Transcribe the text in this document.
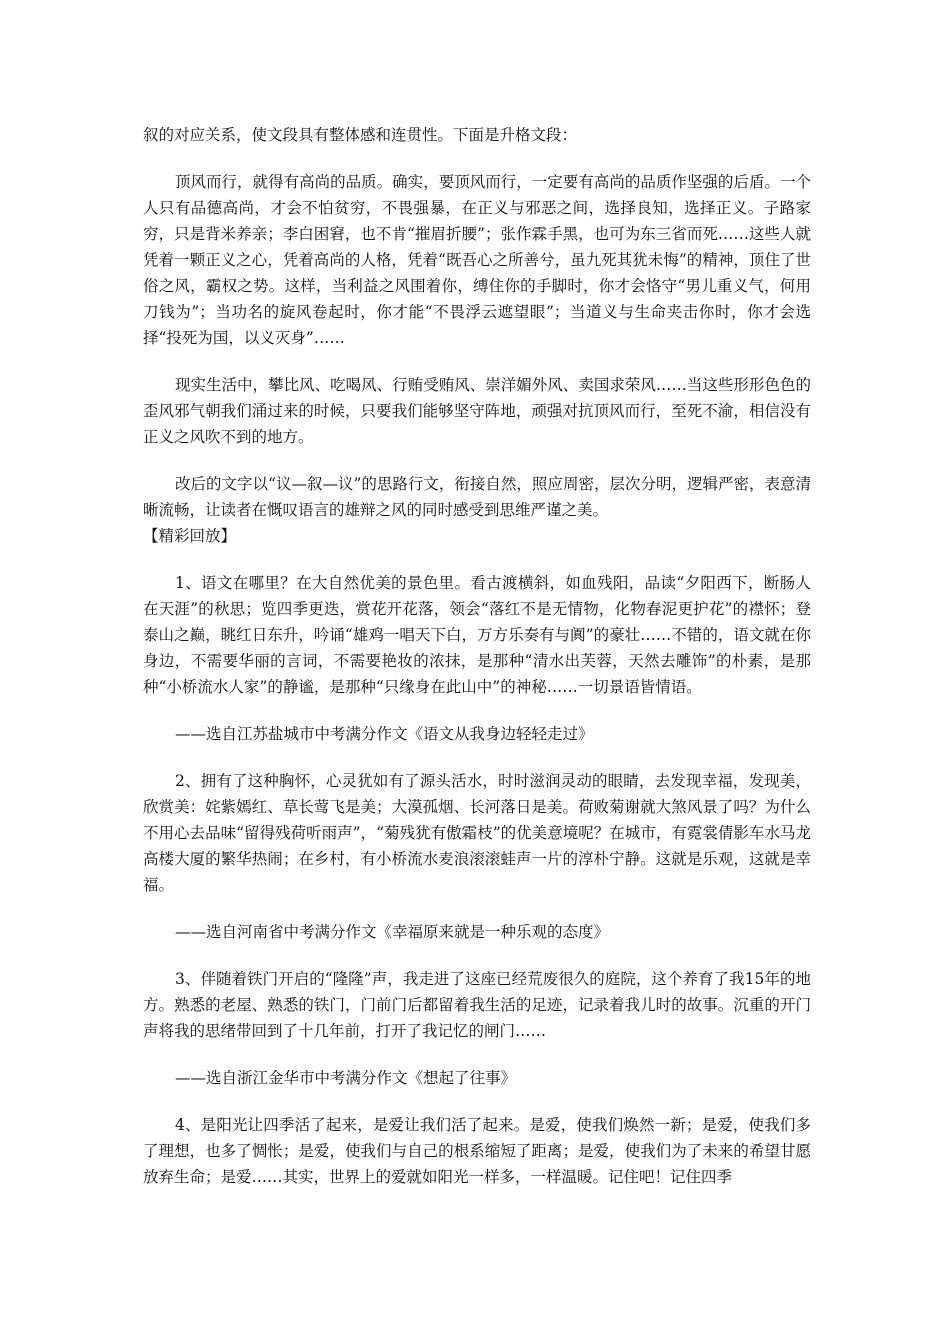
叙的对应关系，使文段具有整体感和连贯性。下面是升格文段：

顶风而行，就得有高尚的品质。确实，要顶风而行，一定要有高尚的品质作坚强的后盾。一个人只有品德高尚，才会不怕贫穷，不畏强暴，在正义与邪恶之间，选择良知，选择正义。子路家穷，只是背米养亲；李白困窘，也不肯“摧眉折腰”；张作霖手黑，也可为东三省而死……这些人就凭着一颗正义之心，凭着高尚的人格，凭着“既吾心之所善兮，虽九死其犹未悔”的精神，顶住了世俗之风，霸权之势。这样，当利益之风围着你，缚住你的手脚时，你才会恪守“男儿重义气，何用刀钱为”；当功名的旋风卷起时，你才能“不畏浮云遮望眼”；当道义与生命夹击你时，你才会选择“投死为国，以义灭身”……

现实生活中，攀比风、吃喝风、行贿受贿风、崇洋媚外风、卖国求荣风……当这些形形色色的歪风邪气朝我们涌过来的时候，只要我们能够坚守阵地，顽强对抗顶风而行，至死不渝，相信没有正义之风吹不到的地方。

改后的文字以“议—叙—议”的思路行文，衔接自然，照应周密，层次分明，逻辑严密，表意清晰流畅，让读者在慨叹语言的雄辩之风的同时感受到思维严谨之美。

【精彩回放】

1、语文在哪里？在大自然优美的景色里。看古渡横斜，如血残阳，品读“夕阳西下，断肠人在天涯”的秋思；览四季更迭，赏花开花落，领会“落红不是无情物，化物春泥更护花”的襟怀；登泰山之巅，眺红日东升，吟诵“雄鸡一唱天下白，万方乐奏有与阗”的豪壮……不错的，语文就在你身边，不需要华丽的言词，不需要艳妆的浓抹，是那种“清水出芙蓉，天然去雕饰”的朴素，是那种“小桥流水人家”的静谧，是那种“只缘身在此山中”的神秘……一切景语皆情语。

——选自江苏盐城市中考满分作文《语文从我身边轻轻走过》

2、拥有了这种胸怀，心灵犹如有了源头活水，时时滋润灵动的眼睛，去发现幸福，发现美，欣赏美：姹紫嫣红、草长莺飞是美；大漠孤烟、长河落日是美。荷败菊谢就大煞风景了吗？为什么不用心去品味“留得残荷听雨声”，“菊残犹有傲霜枝”的优美意境呢？在城市，有霓裳倩影车水马龙高楼大厦的繁华热闹；在乡村，有小桥流水麦浪滚滚蛙声一片的淳朴宁静。这就是乐观，这就是幸福。

——选自河南省中考满分作文《幸福原来就是一种乐观的态度》

3、伴随着铁门开启的“隆隆”声，我走进了这座已经荒废很久的庭院，这个养育了我15年的地方。熟悉的老屋、熟悉的铁门，门前门后都留着我生活的足迹，记录着我儿时的故事。沉重的开门声将我的思绪带回到了十几年前，打开了我记忆的闸门……

——选自浙江金华市中考满分作文《想起了往事》

4、是阳光让四季活了起来，是爱让我们活了起来。是爱，使我们焕然一新；是爱，使我们多了理想，也多了惆怅；是爱，使我们与自己的根系缩短了距离；是爱，使我们为了未来的希望甘愿放弃生命；是爱……其实，世界上的爱就如阳光一样多，一样温暖。记住吧！记住四季
